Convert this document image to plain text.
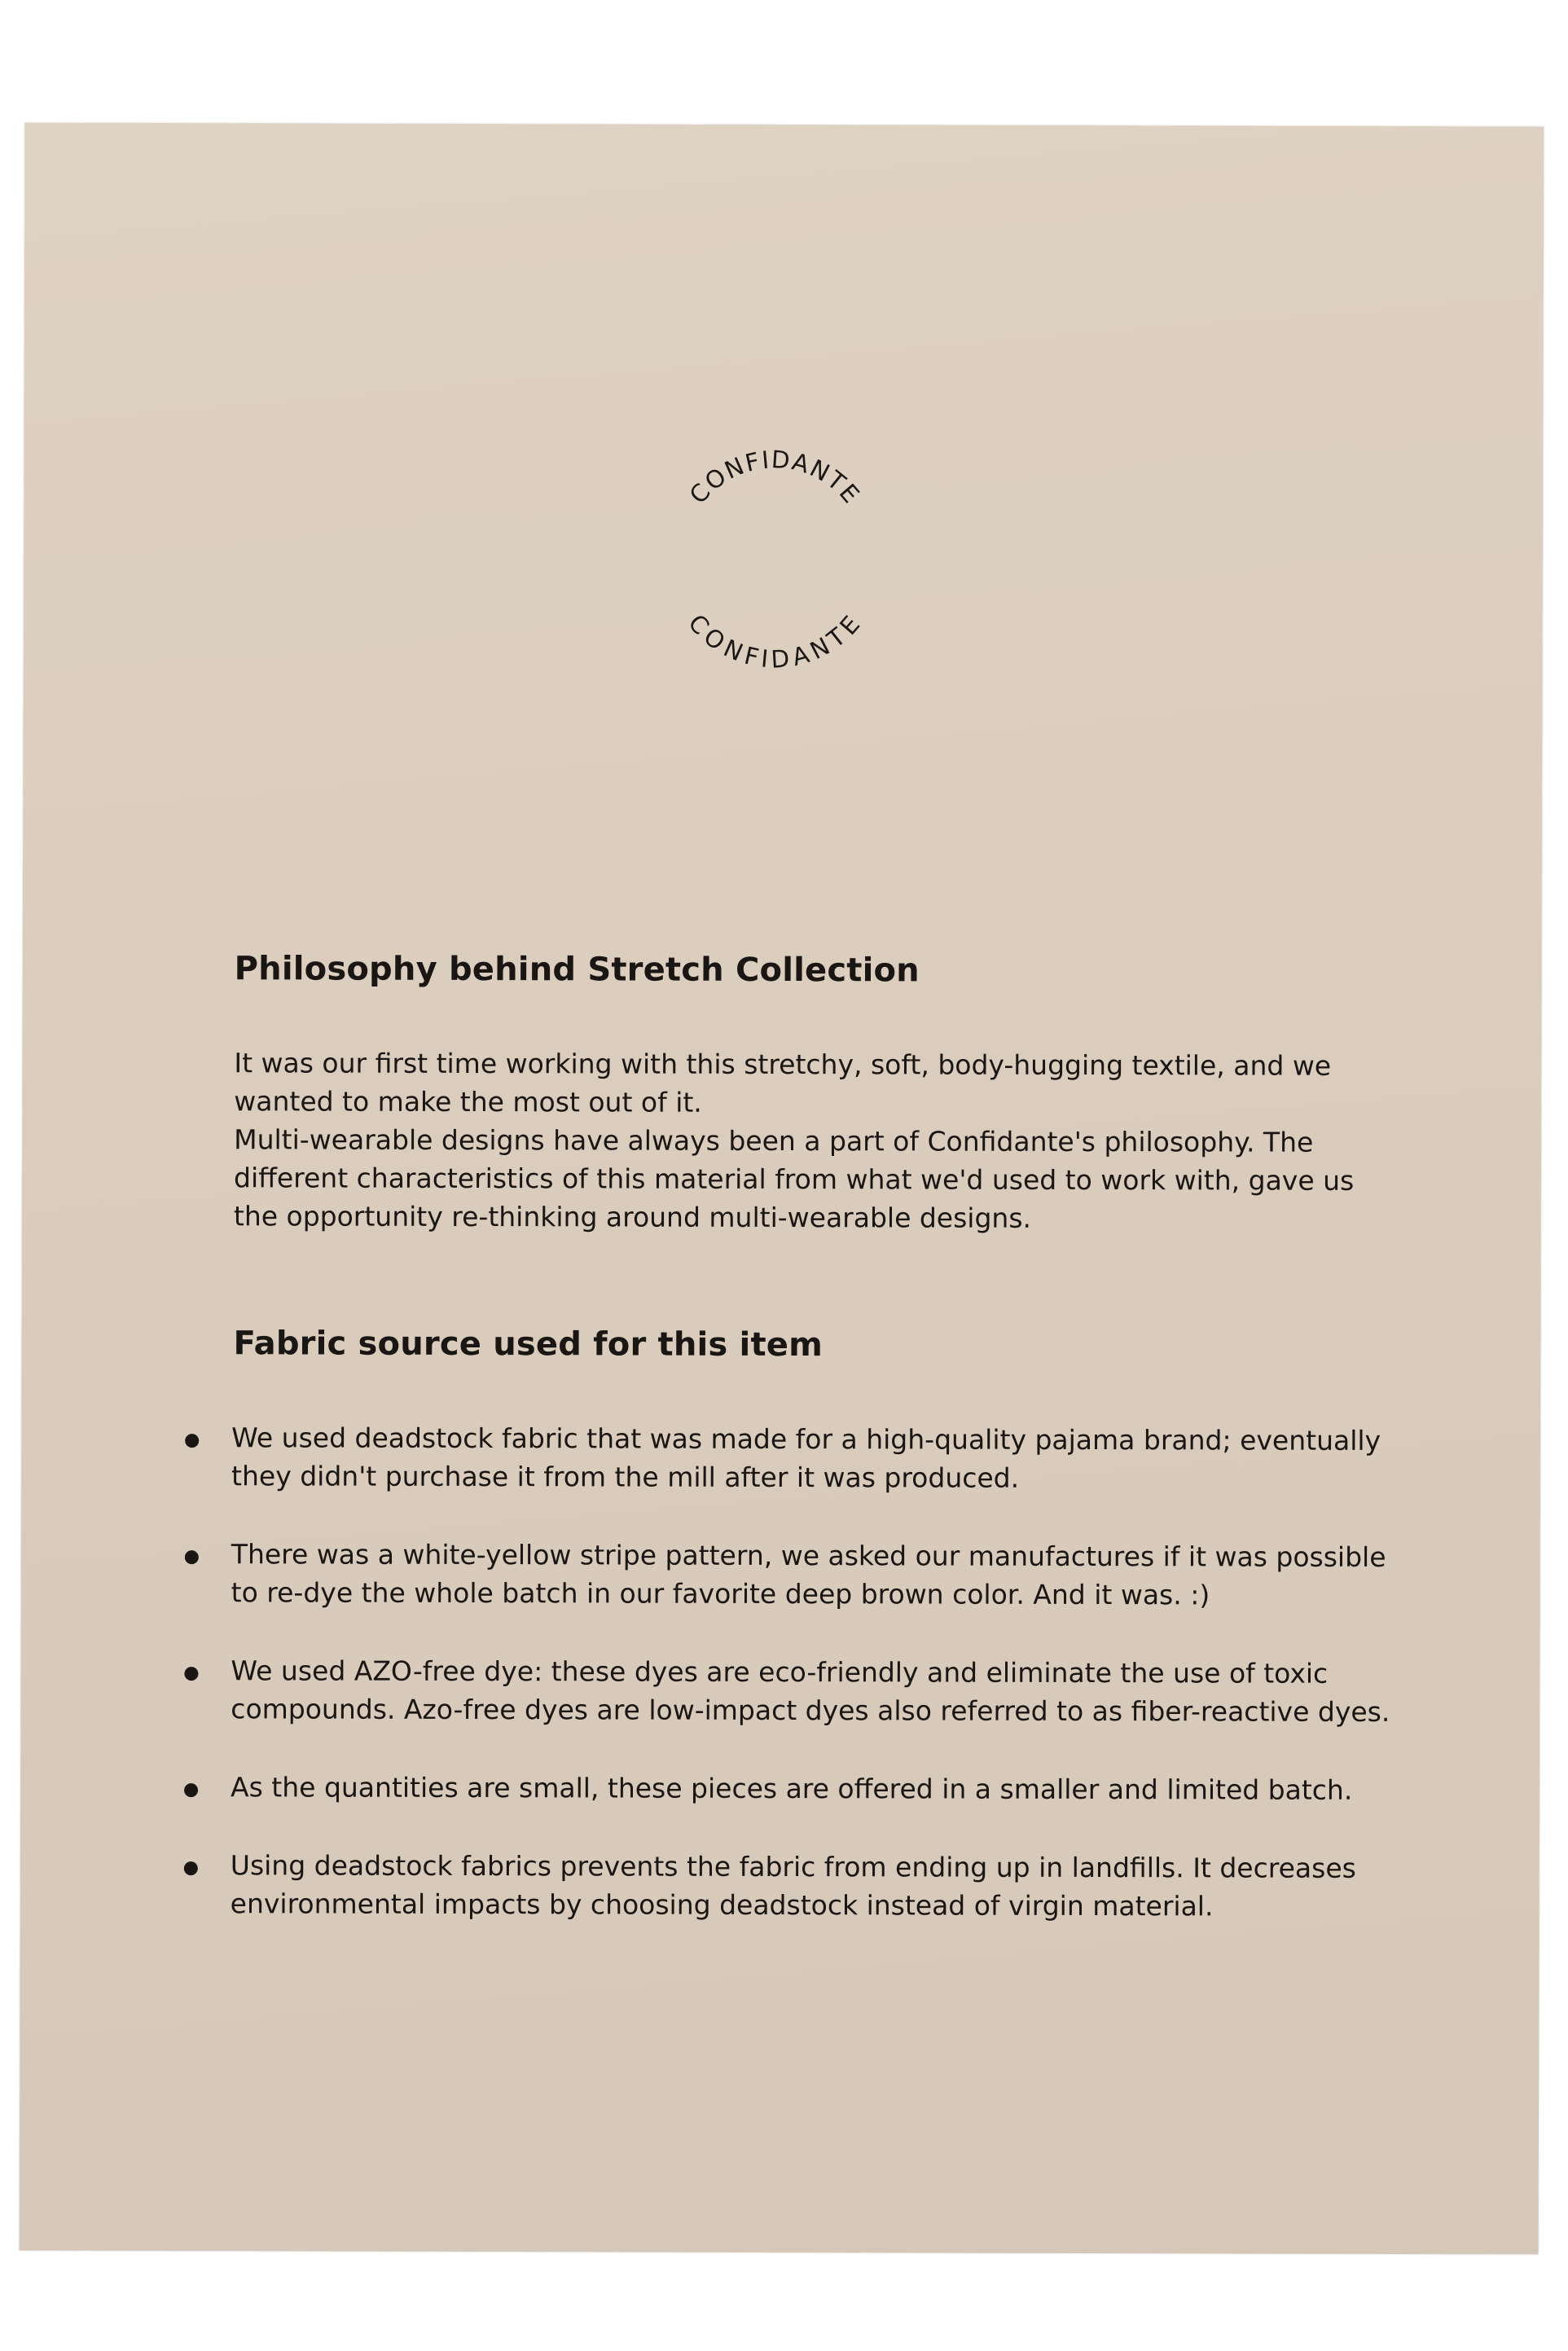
CONFIDANTE
CONFIDANTE
Philosophy behind Stretch Collection

It was our first time working with this stretchy, soft, body-hugging textile, and we wanted to make the most out of it.

Multi-wearable designs have always been a part of Confidante's philosophy. The different characteristics of this material from what we'd used to work with, gave us the opportunity re-thinking around multi-wearable designs.

Fabric source used for this item
We used deadstock fabric that was made for a high-quality pajama brand; eventually they didn't purchase it from the mill after it was produced.
There was a white-yellow stripe pattern, we asked our manufactures if it was possible to re-dye the whole batch in our favorite deep brown color. And it was. :)
We used AZO-free dye: these dyes are eco-friendly and eliminate the use of toxic compounds. Azo-free dyes are low-impact dyes also referred to as fiber-reactive dyes.
As the quantities are small, these pieces are offered in a smaller and limited batch.
Using deadstock fabrics prevents the fabric from ending up in landfills. It decreases environmental impacts by choosing deadstock instead of virgin material.
